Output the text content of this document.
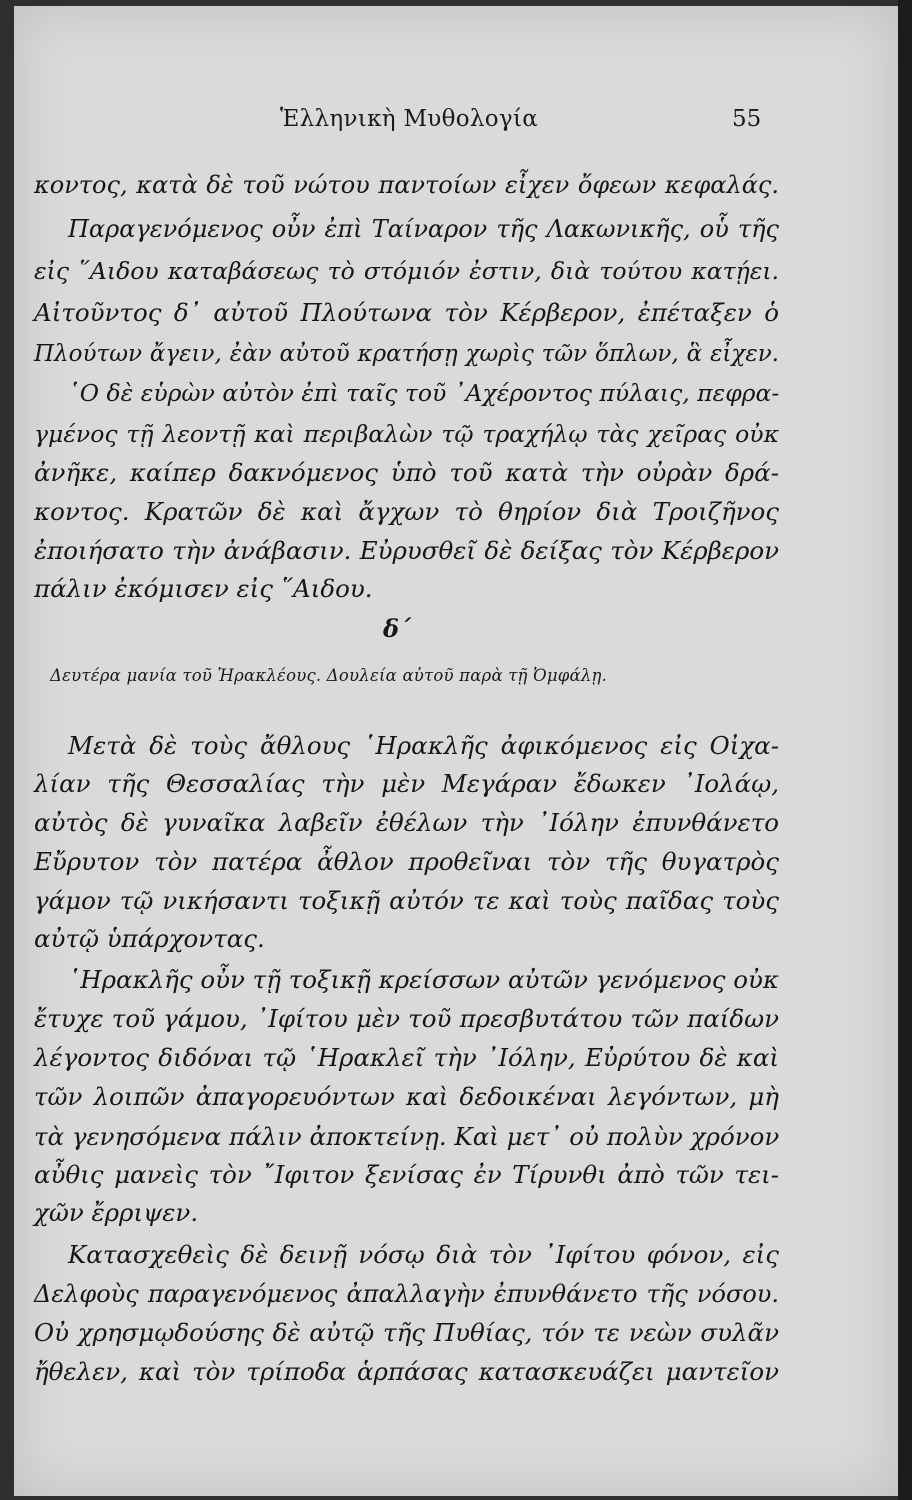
Ἑλληνικὴ Μυθολογία	55
κοντος, κατὰ δὲ τοῦ νώτου παντοίων εἶχεν ὄφεων κεφαλάς.
Παραγενόμενος οὖν ἐπὶ Ταίναρον τῆς Λακωνικῆς, οὗ τῆς
εἰς ῞Αιδου καταβάσεως τὸ στόμιόν ἐστιν, διὰ τούτου κατῄει.
Αἰτοῦντος δ᾽ αὐτοῦ Πλούτωνα τὸν Κέρβερον, ἐπέταξεν ὁ
Πλούτων ἄγειν, ἐὰν αὐτοῦ κρατήσῃ χωρὶς τῶν ὅπλων, ἃ εἶχεν.
῾Ο δὲ εὑρὼν αὐτὸν ἐπὶ ταῖς τοῦ ᾿Αχέροντος πύλαις, πεφρα-
γμένος τῇ λεοντῇ καὶ περιβαλὼν τῷ τραχήλῳ τὰς χεῖρας οὐκ
ἀνῆκε, καίπερ δακνόμενος ὑπὸ τοῦ κατὰ τὴν οὐρὰν δρά-
κοντος. Κρατῶν δὲ καὶ ἄγχων τὸ θηρίον διὰ Τροιζῆνος
ἐποιήσατο τὴν ἀνάβασιν. Εὐρυσθεῖ δὲ δείξας τὸν Κέρβερον
πάλιν ἐκόμισεν εἰς ῞Αιδου.
Μετὰ δὲ τοὺς ἄθλους ῾Ηρακλῆς ἀφικόμενος εἰς Οἰχα-
λίαν τῆς Θεσσαλίας τὴν μὲν Μεγάραν ἔδωκεν ᾿Ιολάῳ,
αὐτὸς δὲ γυναῖκα λαβεῖν ἐθέλων τὴν ᾿Ιόλην ἐπυνθάνετο
Εὔρυτον τὸν πατέρα ἆθλον προθεῖναι τὸν τῆς θυγατρὸς
γάμον τῷ νικήσαντι τοξικῇ αὐτόν τε καὶ τοὺς παῖδας τοὺς
αὐτῷ ὑπάρχοντας.
῾Ηρακλῆς οὖν τῇ τοξικῇ κρείσσων αὐτῶν γενόμενος οὐκ
ἔτυχε τοῦ γάμου, ᾿Ιφίτου μὲν τοῦ πρεσβυτάτου τῶν παίδων
λέγοντος διδόναι τῷ ῾Ηρακλεῖ τὴν ᾿Ιόλην, Εὐρύτου δὲ καὶ
τῶν λοιπῶν ἀπαγορευόντων καὶ δεδοικέναι λεγόντων, μὴ
τὰ γενησόμενα πάλιν ἀποκτείνῃ. Καὶ μετ᾽ οὐ πολὺν χρόνον
αὖθις μανεὶς τὸν ῎Ιφιτον ξενίσας ἐν Τίρυνθι ἀπὸ τῶν τει-
χῶν ἔρριψεν.
Κατασχεθεὶς δὲ δεινῇ νόσῳ διὰ τὸν ᾿Ιφίτου φόνον, εἰς
Δελφοὺς παραγενόμενος ἀπαλλαγὴν ἐπυνθάνετο τῆς νόσου.
Οὐ χρησμῳδούσης δὲ αὐτῷ τῆς Πυθίας, τόν τε νεὼν συλᾶν
ἤθελεν, καὶ τὸν τρίποδα ἁρπάσας κατασκευάζει μαντεῖον
δ΄
Δευτέρα μανία τοῦ Ἡρακλέους. Δουλεία αὐτοῦ παρὰ τῇ Ὀμφάλῃ.
